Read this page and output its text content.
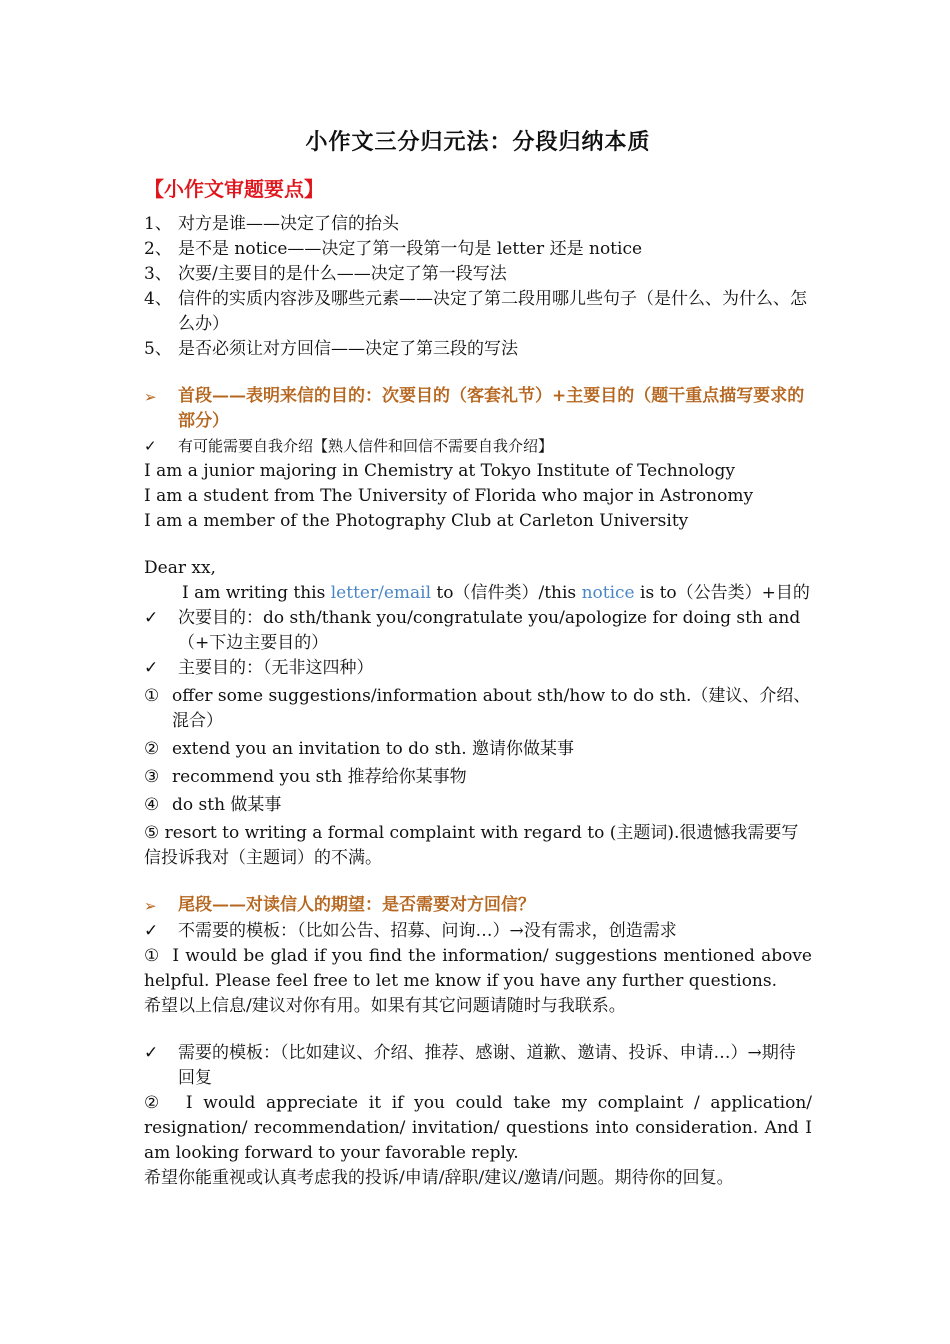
小作文三分归元法：分段归纳本质
【小作文审题要点】
1、 对方是谁——决定了信的抬头
2、 是不是 notice——决定了第一段第一句是 letter 还是 notice
3、 次要/主要目的是什么——决定了第一段写法
4、 信件的实质内容涉及哪些元素——决定了第二段用哪儿些句子（是什么、为什么、怎么办）
5、 是否必须让对方回信——决定了第三段的写法
➢	首段——表明来信的目的：次要目的（客套礼节）+主要目的（题干重点描写要求的部分）
✓	有可能需要自我介绍【熟人信件和回信不需要自我介绍】
I am a junior majoring in Chemistry at Tokyo Institute of Technology
I am a student from The University of Florida who major in Astronomy
I am a member of the Photography Club at Carleton University
Dear xx,
I am writing this letter/email to（信件类）/this notice is to（公告类）+目的
✓	次要目的：do sth/thank you/congratulate you/apologize for doing sth and（+下边主要目的）
✓	主要目的：（无非这四种）
① offer some suggestions/information about sth/how to do sth.（建议、介绍、混合）
② extend you an invitation to do sth. 邀请你做某事
③ recommend you sth 推荐给你某事物
④ do sth 做某事
⑤ resort to writing a formal complaint with regard to (主题词).很遗憾我需要写信投诉我对（主题词）的不满。
➢	尾段——对读信人的期望：是否需要对方回信？
✓	不需要的模板：（比如公告、招募、问询…）→没有需求，创造需求
① I would be glad if you find the information/ suggestions mentioned above helpful. Please feel free to let me know if you have any further questions.
希望以上信息/建议对你有用。如果有其它问题请随时与我联系。
✓	需要的模板：（比如建议、介绍、推荐、感谢、道歉、邀请、投诉、申请…）→期待回复
② I would appreciate it if you could take my complaint / application/ resignation/ recommendation/ invitation/ questions into consideration. And I am looking forward to your favorable reply.
希望你能重视或认真考虑我的投诉/申请/辞职/建议/邀请/问题。期待你的回复。
